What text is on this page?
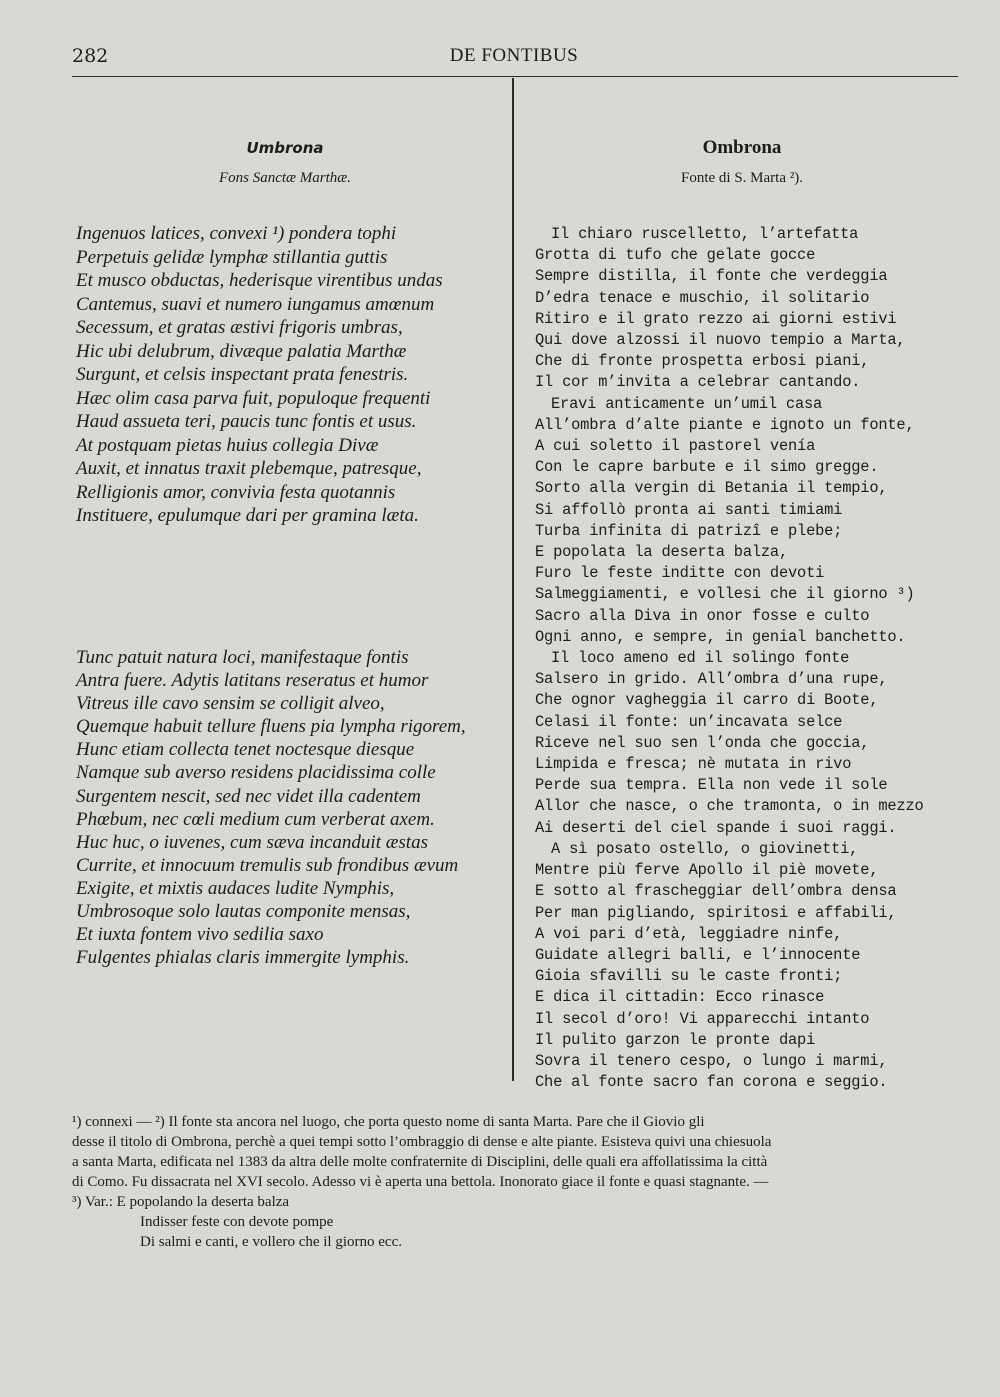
282	DE FONTIBUS
Umbrona
Fons Sanctæ Marthæ.
Ingenuos latices, convexi ¹) pondera tophi
Perpetuis gelidæ lymphæ stillantia guttis
Et musco obductas, hederisque virentibus undas
Cantemus, suavi et numero iungamus amœnum
Secessum, et gratas æstivi frigoris umbras,
Hic ubi delubrum, divæque palatia Marthæ
Surgunt, et celsis inspectant prata fenestris.
Hæc olim casa parva fuit, populoque frequenti
Haud assueta teri, paucis tunc fontis et usus.
At postquam pietas huius collegia Divæ
Auxit, et innatus traxit plebemque, patresque,
Relligionis amor, convivia festa quotannis
Instituere, epulumque dari per gramina læta.
Tunc patuit natura loci, manifestaque fontis
Antra fuere. Adytis latitans reseratus et humor
Vitreus ille cavo sensim se colligit alveo,
Quemque habuit tellure fluens pia lympha rigorem,
Hunc etiam collecta tenet noctesque diesque
Namque sub averso residens placidissima colle
Surgentem nescit, sed nec videt illa cadentem
Phœbum, nec cœli medium cum verberat axem.
Huc huc, o iuvenes, cum sæva incanduit æstas
Currite, et innocuum tremulis sub frondibus ævum
Exigite, et mixtis audaces ludite Nymphis,
Umbrosoque solo lautas componite mensas,
Et iuxta fontem vivo sedilia saxo
Fulgentes phialas claris immergite lymphis.
Ombrona
Fonte di S. Marta ²).
Il chiaro ruscelletto, l’artefatta
Grotta di tufo che gelate gocce
Sempre distilla, il fonte che verdeggia
D’edra tenace e muschio, il solitario
Ritiro e il grato rezzo ai giorni estivi
Qui dove alzossi il nuovo tempio a Marta,
Che di fronte prospetta erbosi piani,
Il cor m’invita a celebrar cantando.
Eravi anticamente un’umil casa
All’ombra d’alte piante e ignoto un fonte,
A cui soletto il pastorel venía
Con le capre barbute e il simo gregge.
Sorto alla vergin di Betania il tempio,
Si affollò pronta ai santi timiami
Turba infinita di patrizî e plebe;
E popolata la deserta balza,
Furo le feste inditte con devoti
Salmeggiamenti, e vollesi che il giorno ³)
Sacro alla Diva in onor fosse e culto
Ogni anno, e sempre, in genial banchetto.
Il loco ameno ed il solingo fonte
Salsero in grido. All’ombra d’una rupe,
Che ognor vagheggia il carro di Boote,
Celasi il fonte: un’incavata selce
Riceve nel suo sen l’onda che goccia,
Limpida e fresca; nè mutata in rivo
Perde sua tempra. Ella non vede il sole
Allor che nasce, o che tramonta, o in mezzo
Ai deserti del ciel spande i suoi raggi.
A sì posato ostello, o giovinetti,
Mentre più ferve Apollo il piè movete,
E sotto al frascheggiar dell’ombra densa
Per man pigliando, spiritosi e affabili,
A voi pari d’età, leggiadre ninfe,
Guidate allegri balli, e l’innocente
Gioia sfavilli su le caste fronti;
E dica il cittadin: Ecco rinasce
Il secol d’oro! Vi apparecchi intanto
Il pulito garzon le pronte dapi
Sovra il tenero cespo, o lungo i marmi,
Che al fonte sacro fan corona e seggio.
¹) connexi — ²) Il fonte sta ancora nel luogo, che porta questo nome di santa Marta. Pare che il Giovio gli
desse il titolo di Ombrona, perchè a quei tempi sotto l’ombraggio di dense e alte piante. Esisteva quivi una chiesuola
a santa Marta, edificata nel 1383 da altra delle molte confraternite di Disciplini, delle quali era affollatissima la città
di Como. Fu dissacrata nel XVI secolo. Adesso vi è aperta una bettola. Inonorato giace il fonte e quasi stagnante. —
³) Var.: E popolando la deserta balza
Indisser feste con devote pompe
Di salmi e canti, e vollero che il giorno ecc.
